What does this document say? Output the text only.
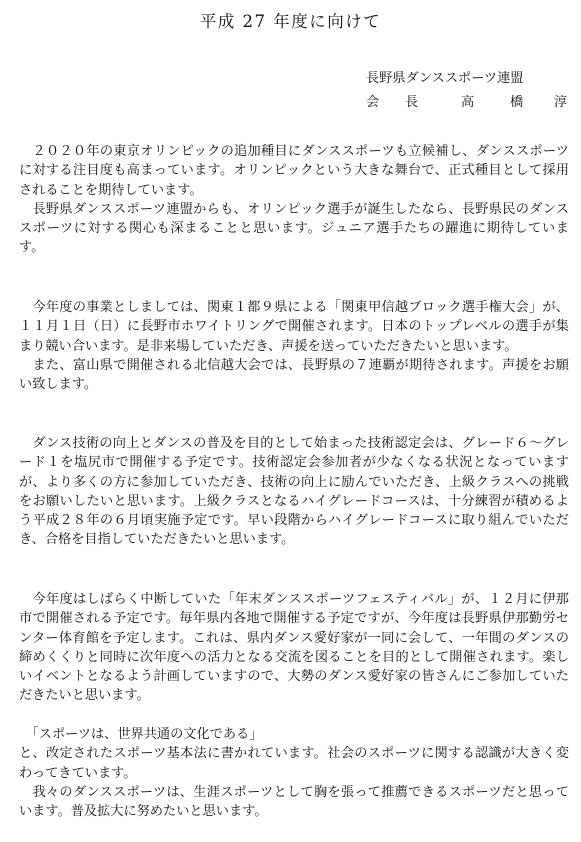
平成 27 年度に向けて
長野県ダンススポーツ連盟
会 長	高	橋 淳

　２０２０年の東京オリンピックの追加種目にダンススポーツも立候補し、ダンススポーツに対する注目度も高まっています。オリンピックという大きな舞台で、正式種目として採用されることを期待しています。

　長野県ダンススポーツ連盟からも、オリンピック選手が誕生したなら、長野県民のダンススポーツに対する関心も深まることと思います。ジュニア選手たちの躍進に期待しています。

　今年度の事業としましては、関東１都９県による「関東甲信越ブロック選手権大会」が、１１月１日（日）に長野市ホワイトリングで開催されます。日本のトップレベルの選手が集まり競い合います。是非来場していただき、声援を送っていただきたいと思います。

　また、富山県で開催される北信越大会では、長野県の７連覇が期待されます。声援をお願い致します。

　ダンス技術の向上とダンスの普及を目的として始まった技術認定会は、グレード６～グレード１を塩尻市で開催する予定です。技術認定会参加者が少なくなる状況となっていますが、より多くの方に参加していただき、技術の向上に励んでいただき、上級クラスへの挑戦をお願いしたいと思います。上級クラスとなるハイグレードコースは、十分練習が積めるよう平成２８年の６月頃実施予定です。早い段階からハイグレードコースに取り組んでいただき、合格を目指していただきたいと思います。

　今年度はしばらく中断していた「年末ダンススポーツフェスティバル」が、１２月に伊那市で開催される予定です。毎年県内各地で開催する予定ですが、今年度は長野県伊那勤労センター体育館を予定します。これは、県内ダンス愛好家が一同に会して、一年間のダンスの締めくくりと同時に次年度への活力となる交流を図ることを目的として開催されます。楽しいイベントとなるよう計画していますので、大勢のダンス愛好家の皆さんにご参加していただきたいと思います。

　「スポーツは、世界共通の文化である」

と、改定されたスポーツ基本法に書かれています。社会のスポーツに関する認識が大きく変わってきています。

　我々のダンススポーツは、生涯スポーツとして胸を張って推薦できるスポーツだと思っています。普及拡大に努めたいと思います。
